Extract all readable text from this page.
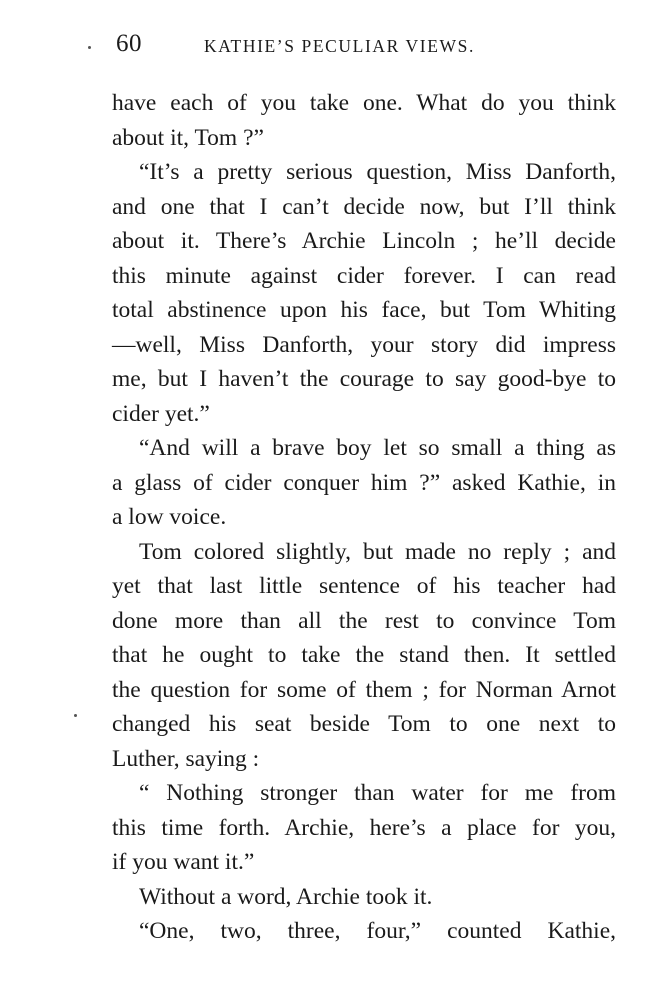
60	KATHIE’S PECULIAR VIEWS.
have each of you take one. What do you think
about it, Tom ?”
“It’s a pretty serious question, Miss Danforth,
and one that I can’t decide now, but I’ll think
about it. There’s Archie Lincoln ; he’ll decide
this minute against cider forever. I can read
total abstinence upon his face, but Tom Whiting
—well, Miss Danforth, your story did impress
me, but I haven’t the courage to say good-bye to
cider yet.”
“And will a brave boy let so small a thing as
a glass of cider conquer him ?” asked Kathie, in
a low voice.
Tom colored slightly, but made no reply ; and
yet that last little sentence of his teacher had
done more than all the rest to convince Tom
that he ought to take the stand then. It settled
the question for some of them ; for Norman Arnot
changed his seat beside Tom to one next to
Luther, saying :
“ Nothing stronger than water for me from
this time forth. Archie, here’s a place for you,
if you want it.”
Without a word, Archie took it.
“One, two, three, four,” counted Kathie,
